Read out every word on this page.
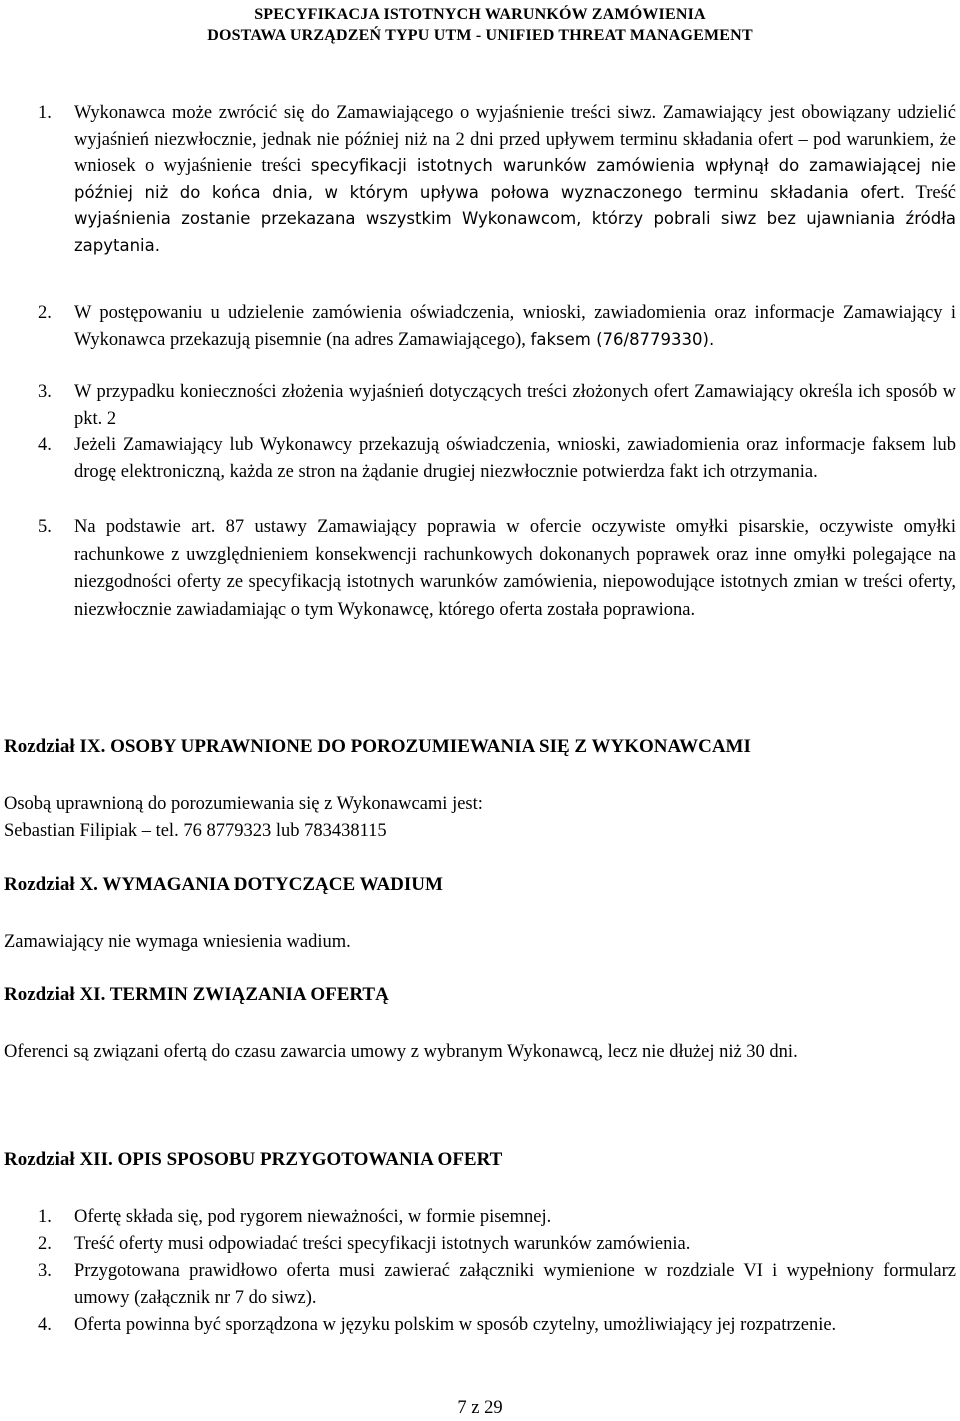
SPECYFIKACJA ISTOTNYCH WARUNKÓW ZAMÓWIENIA
DOSTAWA URZĄDZEŃ TYPU UTM - UNIFIED THREAT MANAGEMENT
1. Wykonawca może zwrócić się do Zamawiającego o wyjaśnienie treści siwz. Zamawiający jest obowiązany udzielić wyjaśnień niezwłocznie, jednak nie później niż na 2 dni przed upływem terminu składania ofert – pod warunkiem, że wniosek o wyjaśnienie treści specyfikacji istotnych warunków zamówienia wpłynął do zamawiającej nie później niż do końca dnia, w którym upływa połowa wyznaczonego terminu składania ofert. Treść wyjaśnienia zostanie przekazana wszystkim Wykonawcom, którzy pobrali siwz bez ujawniania źródła zapytania.
2. W postępowaniu u udzielenie zamówienia oświadczenia, wnioski, zawiadomienia oraz informacje Zamawiający i Wykonawca przekazują pisemnie (na adres Zamawiającego), faksem (76/8779330).
3. W przypadku konieczności złożenia wyjaśnień dotyczących treści złożonych ofert Zamawiający określa ich sposób w pkt. 2
4. Jeżeli Zamawiający lub Wykonawcy przekazują oświadczenia, wnioski, zawiadomienia oraz informacje faksem lub drogę elektroniczną, każda ze stron na żądanie drugiej niezwłocznie potwierdza fakt ich otrzymania.
5. Na podstawie art. 87 ustawy Zamawiający poprawia w ofercie oczywiste omyłki pisarskie, oczywiste omyłki rachunkowe z uwzględnieniem konsekwencji rachunkowych dokonanych poprawek oraz inne omyłki polegające na niezgodności oferty ze specyfikacją istotnych warunków zamówienia, niepowodujące istotnych zmian w treści oferty, niezwłocznie zawiadamiając o tym Wykonawcę, którego oferta została poprawiona.
Rozdział IX. OSOBY UPRAWNIONE DO POROZUMIEWANIA SIĘ Z WYKONAWCAMI
Osobą uprawnioną do porozumiewania się z Wykonawcami jest:
Sebastian Filipiak – tel. 76 8779323 lub 783438115
Rozdział X. WYMAGANIA DOTYCZĄCE WADIUM
Zamawiający nie wymaga wniesienia wadium.
Rozdział XI. TERMIN ZWIĄZANIA OFERTĄ
Oferenci są związani ofertą do czasu zawarcia umowy z wybranym Wykonawcą, lecz nie dłużej niż 30 dni.
Rozdział XII. OPIS SPOSOBU PRZYGOTOWANIA OFERT
1. Ofertę składa się, pod rygorem nieważności, w formie pisemnej.
2. Treść oferty musi odpowiadać treści specyfikacji istotnych warunków zamówienia.
3. Przygotowana prawidłowo oferta musi zawierać załączniki wymienione w rozdziale VI i wypełniony formularz umowy (załącznik nr 7 do siwz).
4. Oferta powinna być sporządzona w języku polskim w sposób czytelny, umożliwiający jej rozpatrzenie.
7 z 29
